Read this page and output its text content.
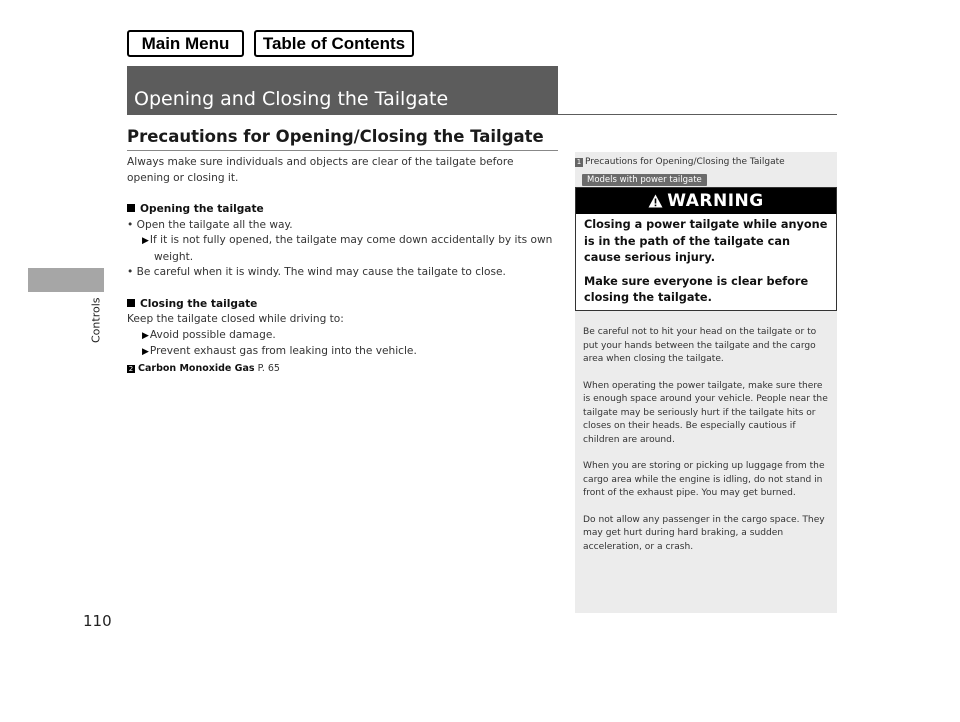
Main Menu	Table of Contents
Controls
110
Opening and Closing the Tailgate
Precautions for Opening/Closing the Tailgate

Always make sure individuals and objects are clear of the tailgate before opening or closing it.

Opening the tailgate

• Open the tailgate all the way.

▶If it is not fully opened, the tailgate may come down accidentally by its own weight.

• Be careful when it is windy. The wind may cause the tailgate to close.

Closing the tailgate

Keep the tailgate closed while driving to:

▶Avoid possible damage.

▶Prevent exhaust gas from leaking into the vehicle.

2 Carbon Monoxide Gas P. 65

1 Precautions for Opening/Closing the Tailgate
Models with power tailgate
WARNING

Closing a power tailgate while anyone is in the path of the tailgate can cause serious injury.

Make sure everyone is clear before closing the tailgate.

Be careful not to hit your head on the tailgate or to put your hands between the tailgate and the cargo area when closing the tailgate.

When operating the power tailgate, make sure there is enough space around your vehicle. People near the tailgate may be seriously hurt if the tailgate hits or closes on their heads. Be especially cautious if children are around.

When you are storing or picking up luggage from the cargo area while the engine is idling, do not stand in front of the exhaust pipe. You may get burned.

Do not allow any passenger in the cargo space. They may get hurt during hard braking, a sudden acceleration, or a crash.
